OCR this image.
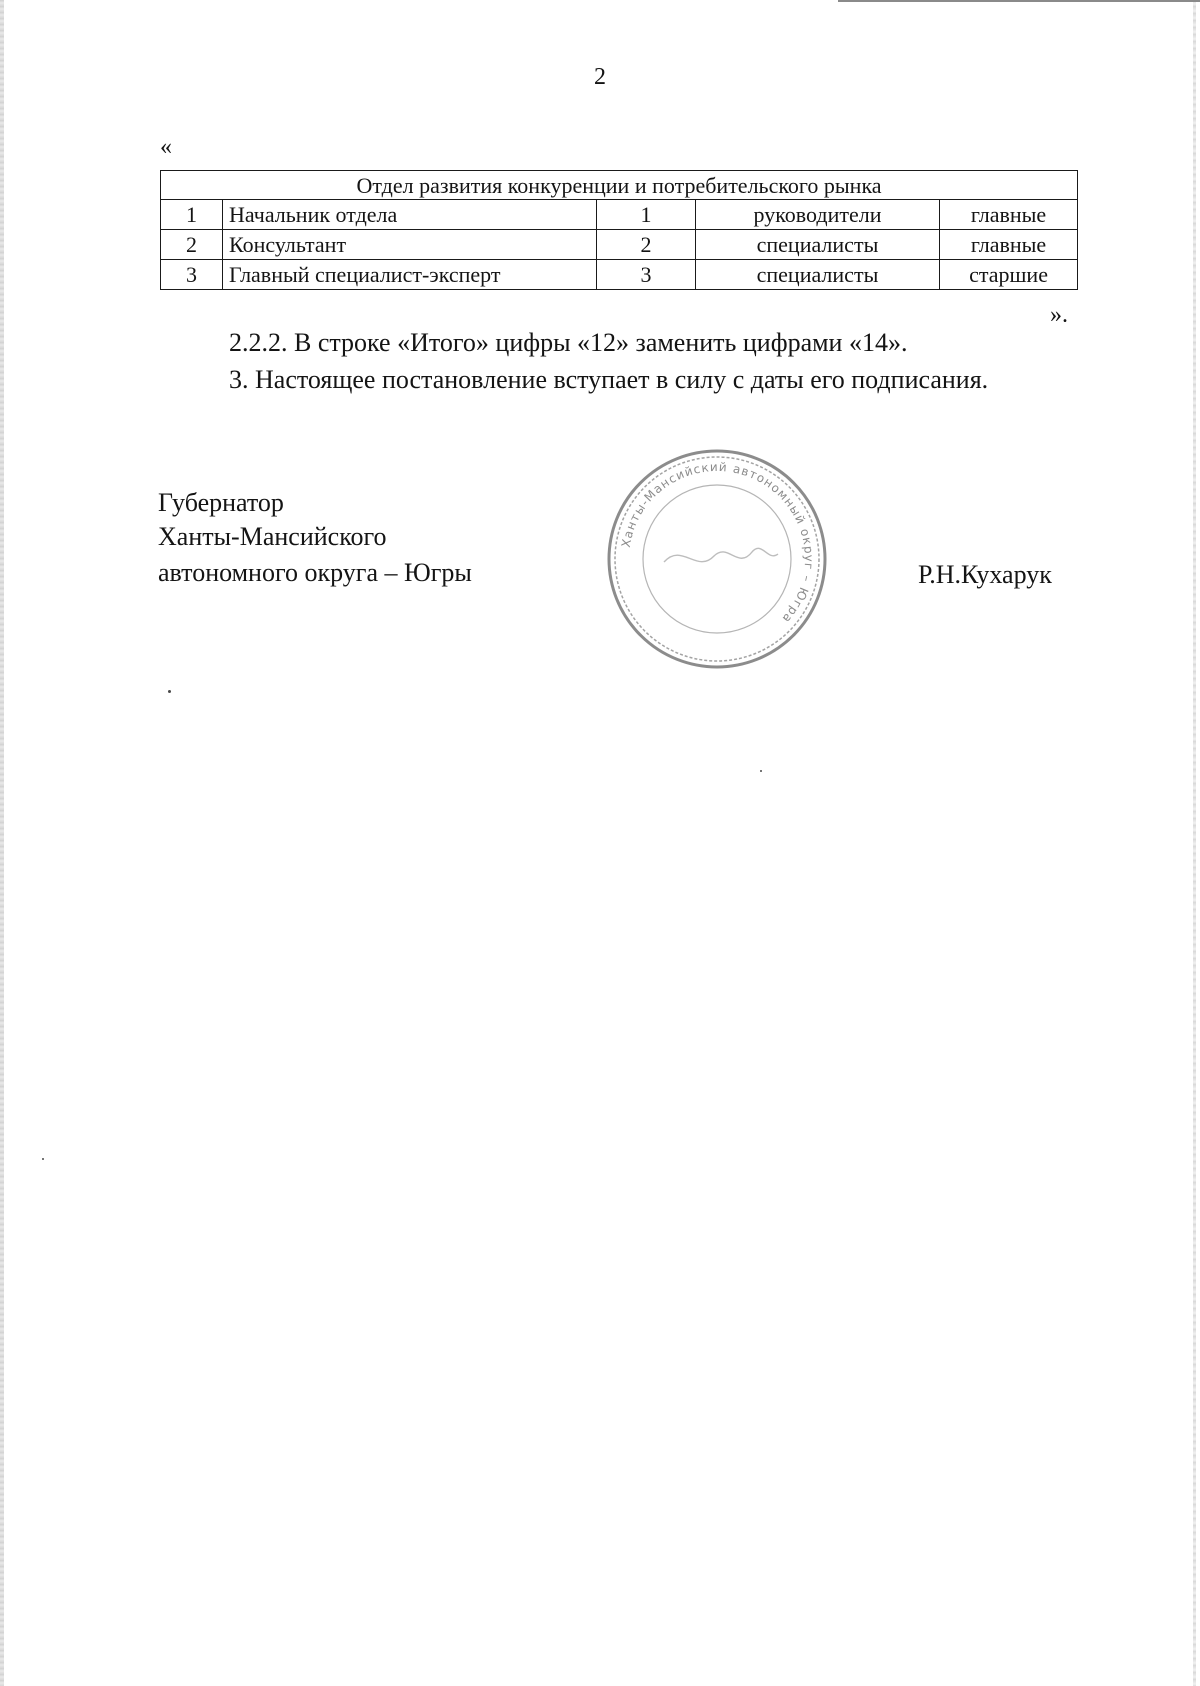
2
«
Отдел развития конкуренции и потребительского рынка				
1	Начальник отдела	1	руководители	главные
2	Консультант	2	специалисты	главные
3	Главный специалист-эксперт	3	специалисты	старшие
».
2.2.2. В строке «Итого» цифры «12» заменить цифрами «14».
3. Настоящее постановление вступает в силу с даты его подписания.
Губернатор
Ханты-Мансийского
автономного округа – Югры
Ханты-Мансийский автономный округ – Югра
Р.Н.Кухарук
